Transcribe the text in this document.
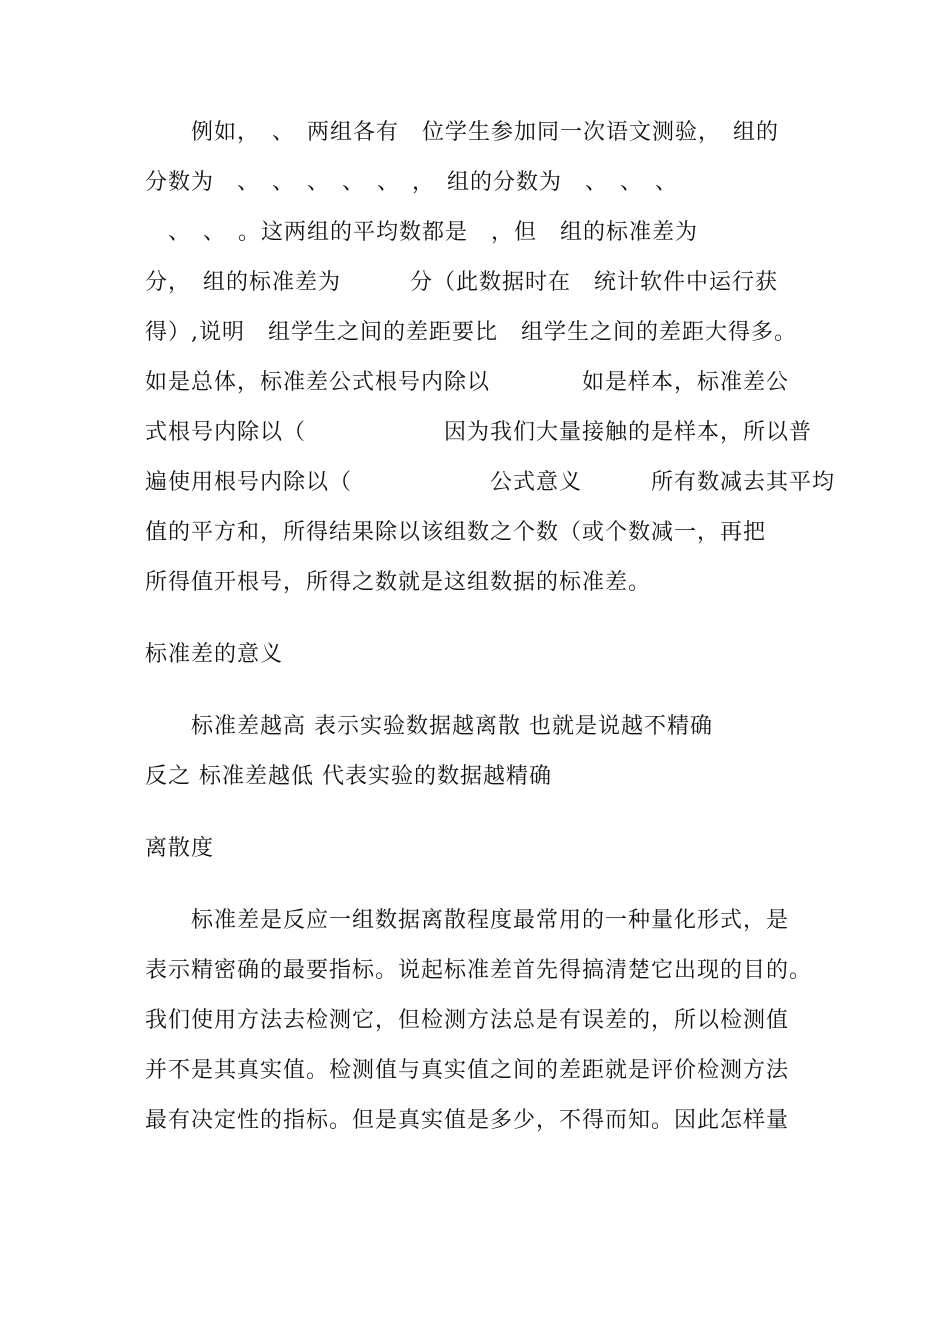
　　例如，　、　两组各有　位学生参加同一次语文测验，　组的
分数为　、　、　、　、　、　，　组的分数为　、　、　、
　、　、　。这两组的平均数都是　，但　组的标准差为
分，　组的标准差为　　　分（此数据时在　统计软件中运行获
得）,说明　组学生之间的差距要比　组学生之间的差距大得多。
如是总体，标准差公式根号内除以　　　　如是样本，标准差公
式根号内除以（　　　　　　因为我们大量接触的是样本，所以普
遍使用根号内除以（　　　　　　公式意义　　　所有数减去其平均
值的平方和，所得结果除以该组数之个数（或个数减一，再把
所得值开根号，所得之数就是这组数据的标准差。
标准差的意义
　　标准差越高 表示实验数据越离散 也就是说越不精确
反之 标准差越低 代表实验的数据越精确
离散度
　　标准差是反应一组数据离散程度最常用的一种量化形式，是
表示精密确的最要指标。说起标准差首先得搞清楚它出现的目的。
我们使用方法去检测它，但检测方法总是有误差的，所以检测值
并不是其真实值。检测值与真实值之间的差距就是评价检测方法
最有决定性的指标。但是真实值是多少，不得而知。因此怎样量
